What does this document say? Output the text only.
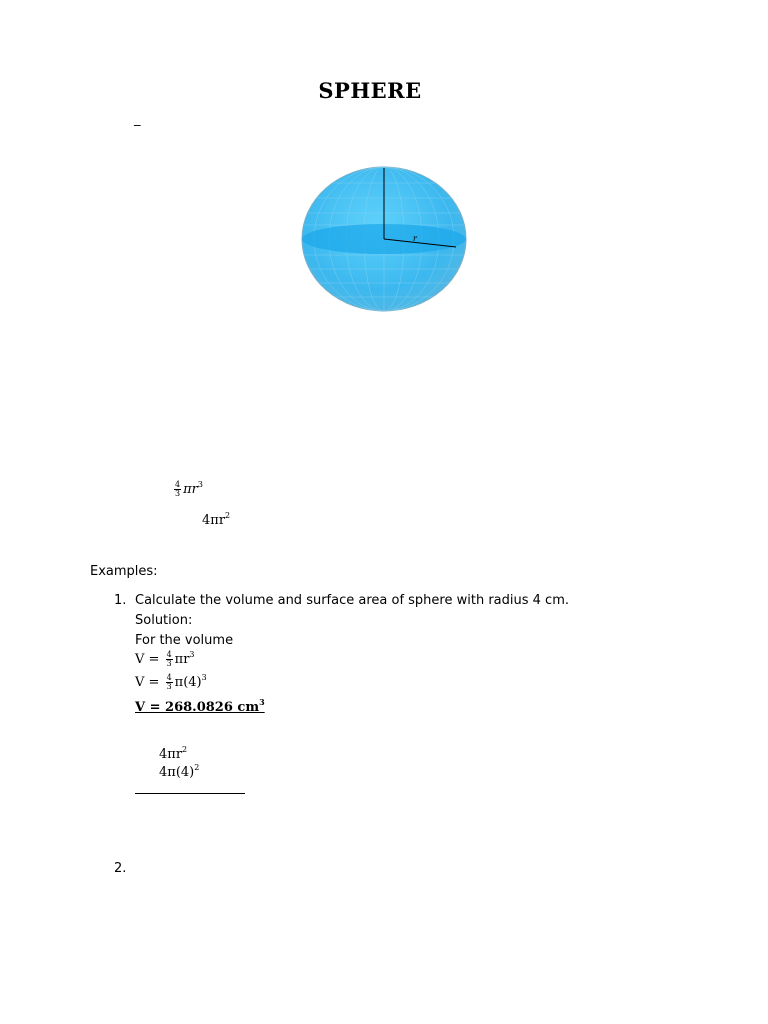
SPHERE
_
r
$\frac{4}{3} \pi r^3$
$4\pi r^2$
Examples:
1. Calculate the volume and surface area of sphere with radius 4 cm.
Solution:
For the volume
$V = \frac{4}{3} \pi r^3$
$V = \frac{4}{3} \pi(4)^3$
V = 268.0826 $cm^3$
$4\pi r^2$
$4\pi(4)^2$
2.
